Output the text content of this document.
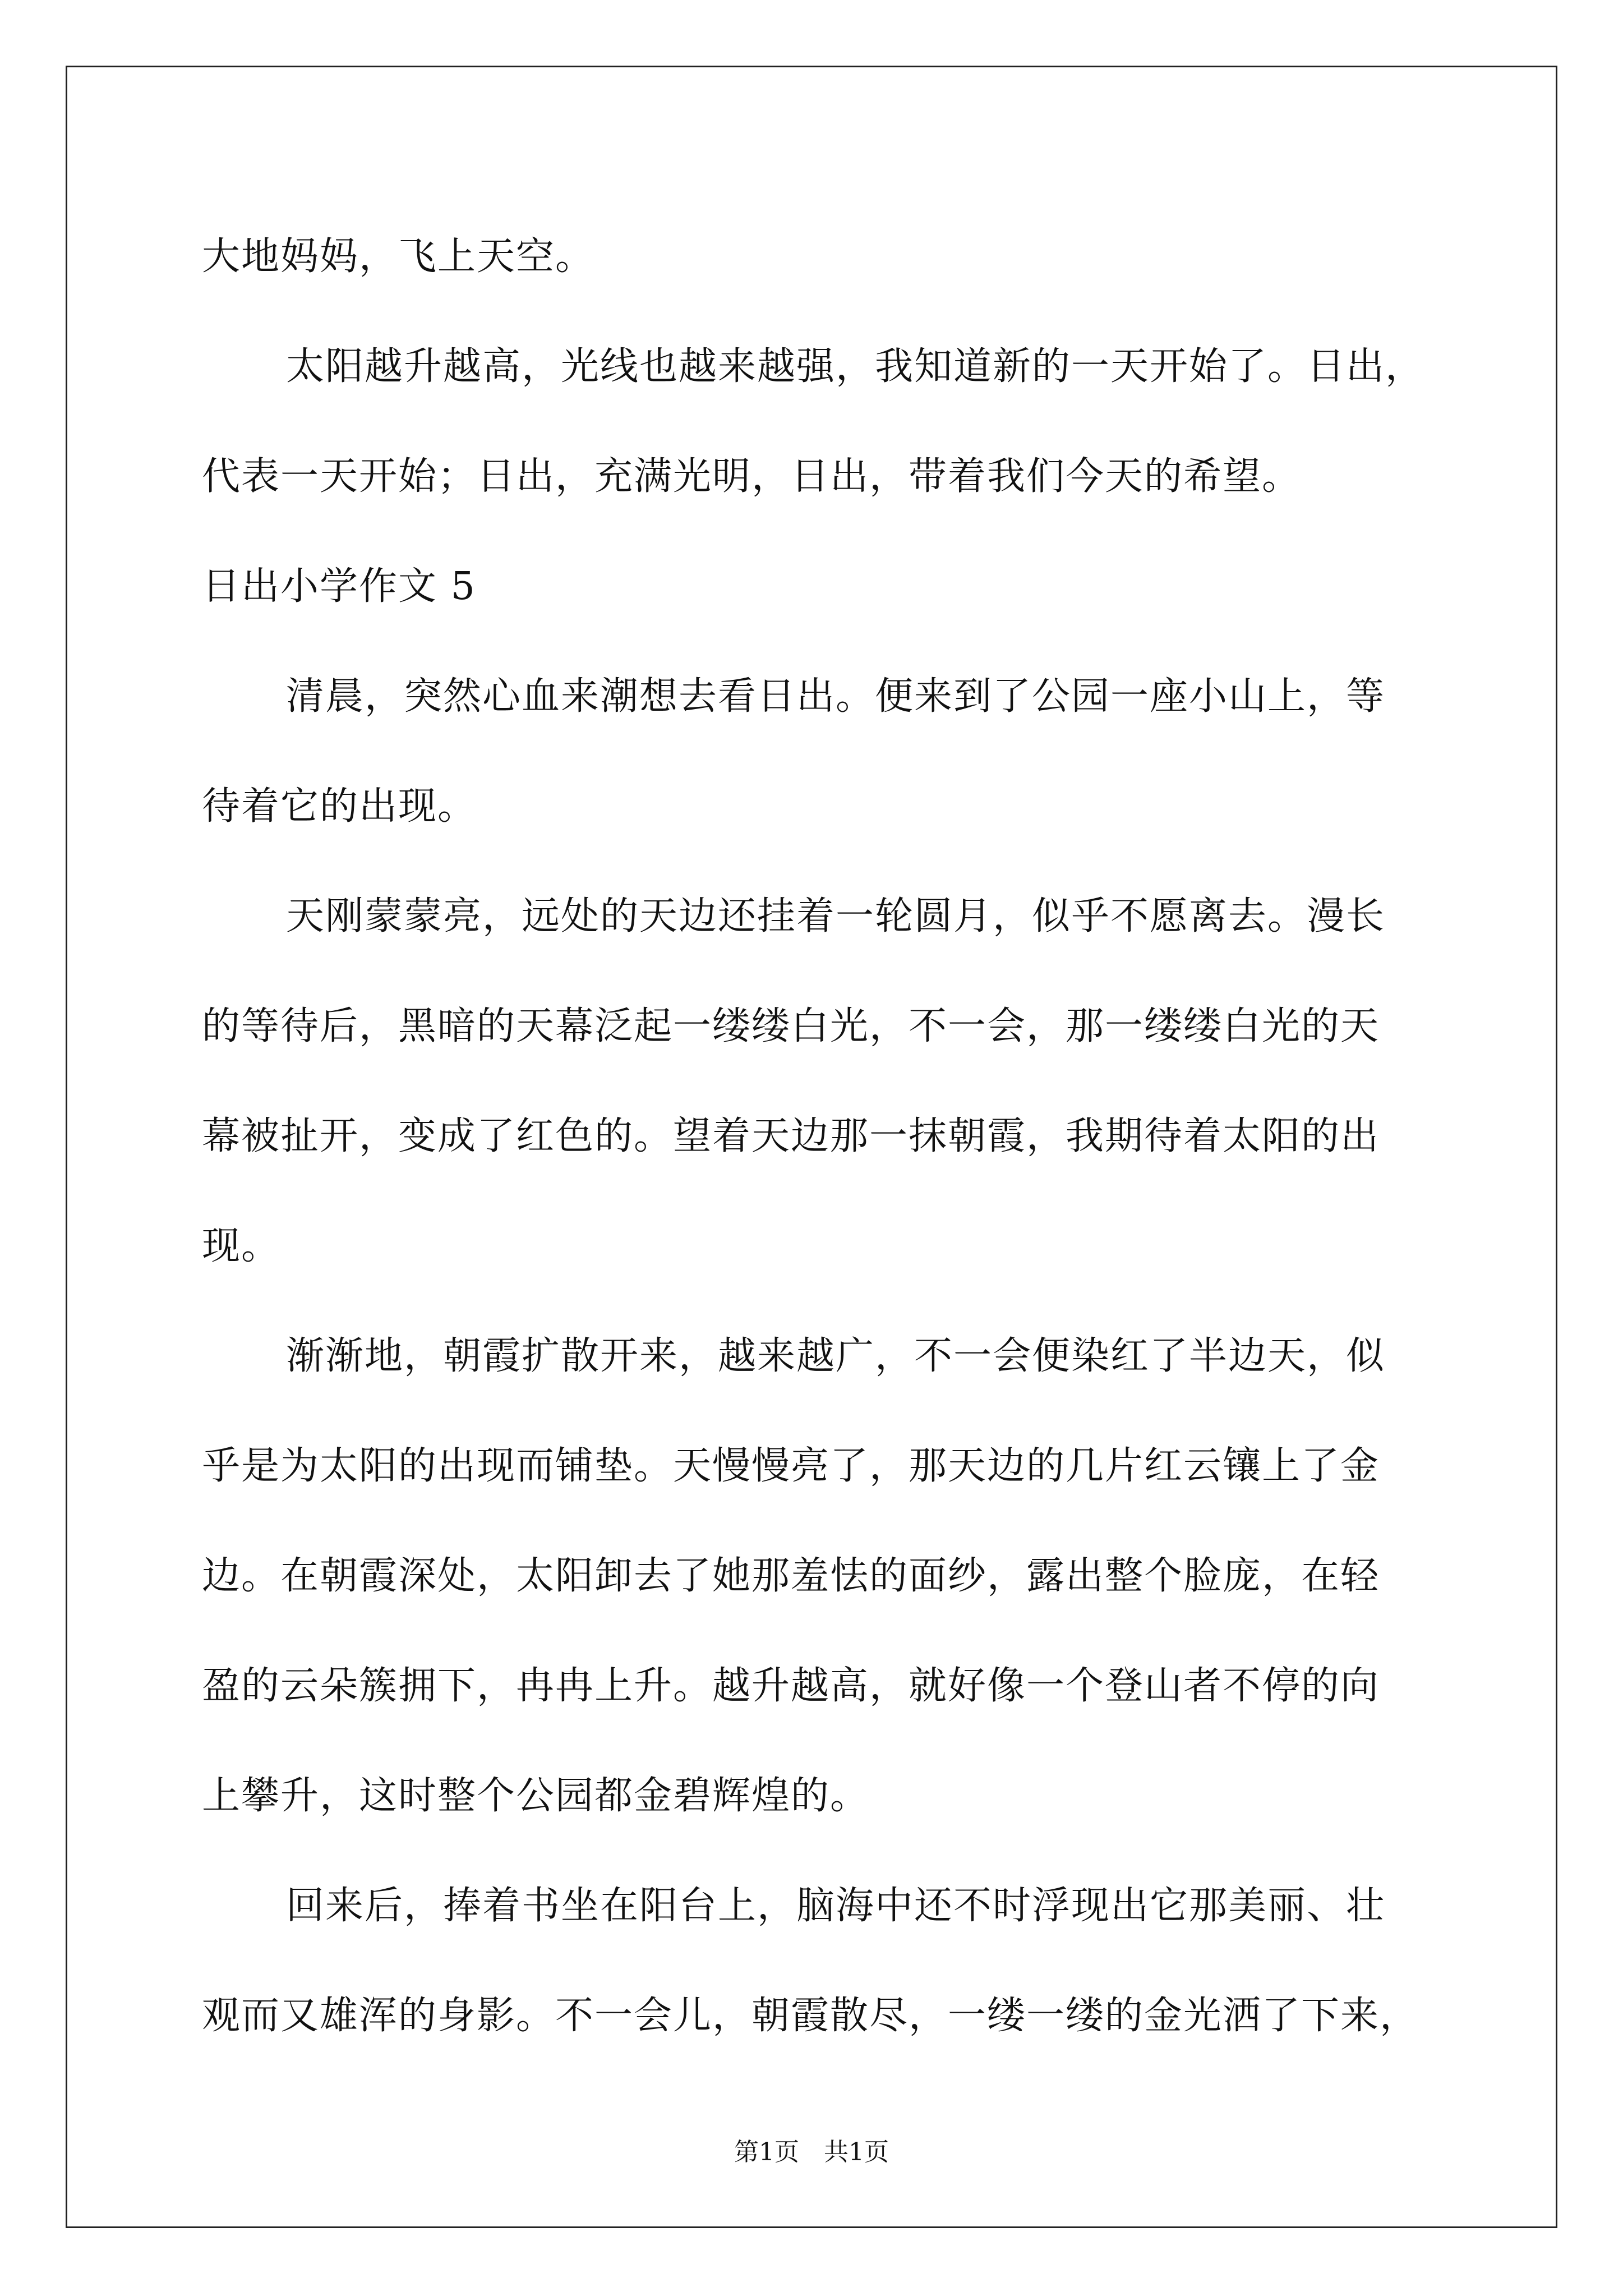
大地妈妈，飞上天空。
太阳越升越高，光线也越来越强，我知道新的一天开始了。日出，
代表一天开始；日出，充满光明，日出，带着我们今天的希望。
日出小学作文 5
清晨，突然心血来潮想去看日出。便来到了公园一座小山上，等
待着它的出现。
天刚蒙蒙亮，远处的天边还挂着一轮圆月，似乎不愿离去。漫长
的等待后，黑暗的天幕泛起一缕缕白光，不一会，那一缕缕白光的天
幕被扯开，变成了红色的。望着天边那一抹朝霞，我期待着太阳的出
现。
渐渐地，朝霞扩散开来，越来越广，不一会便染红了半边天，似
乎是为太阳的出现而铺垫。天慢慢亮了，那天边的几片红云镶上了金
边。在朝霞深处，太阳卸去了她那羞怯的面纱，露出整个脸庞，在轻
盈的云朵簇拥下，冉冉上升。越升越高，就好像一个登山者不停的向
上攀升，这时整个公园都金碧辉煌的。
回来后，捧着书坐在阳台上，脑海中还不时浮现出它那美丽、壮
观而又雄浑的身影。不一会儿，朝霞散尽，一缕一缕的金光洒了下来，
第1页　共1页
